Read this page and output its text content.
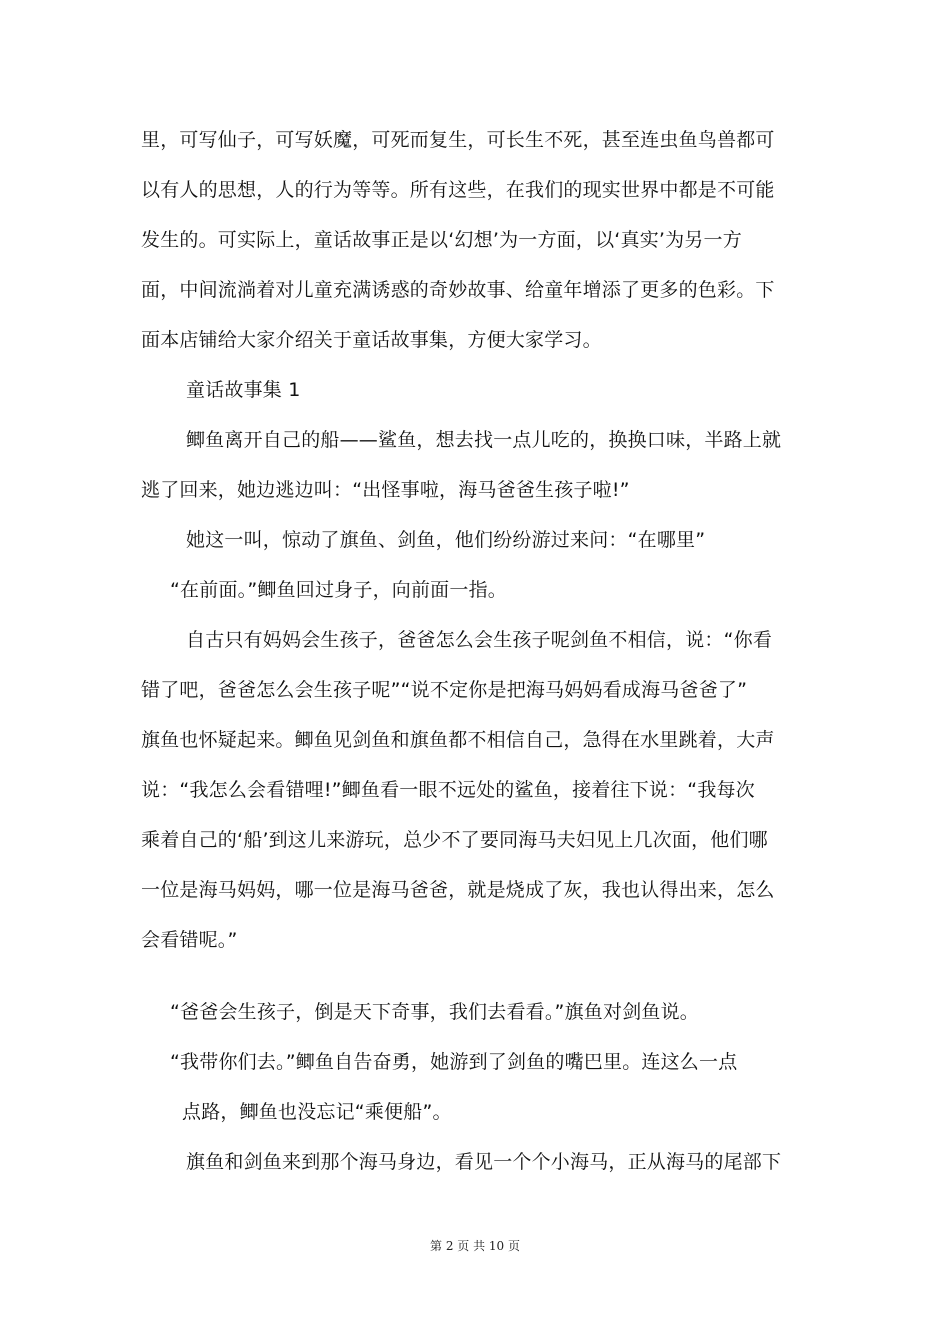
里，可写仙子，可写妖魔，可死而复生，可长生不死，甚至连虫鱼鸟兽都可
以有人的思想，人的行为等等。所有这些，在我们的现实世界中都是不可能
发生的。可实际上，童话故事正是以‘幻想’为一方面，以‘真实’为另一方
面，中间流淌着对儿童充满诱惑的奇妙故事、给童年增添了更多的色彩。下
面本店铺给大家介绍关于童话故事集，方便大家学习。
童话故事集 1
鲫鱼离开自己的船——鲨鱼，想去找一点儿吃的，换换口味，半路上就
逃了回来，她边逃边叫：“出怪事啦，海马爸爸生孩子啦!”
她这一叫，惊动了旗鱼、剑鱼，他们纷纷游过来问：“在哪里”
“在前面。”鲫鱼回过身子，向前面一指。
自古只有妈妈会生孩子，爸爸怎么会生孩子呢剑鱼不相信，说：“你看
错了吧，爸爸怎么会生孩子呢”“说不定你是把海马妈妈看成海马爸爸了”
旗鱼也怀疑起来。鲫鱼见剑鱼和旗鱼都不相信自己，急得在水里跳着，大声
说：“我怎么会看错哩!”鲫鱼看一眼不远处的鲨鱼，接着往下说：“我每次
乘着自己的‘船’到这儿来游玩，总少不了要同海马夫妇见上几次面，他们哪
一位是海马妈妈，哪一位是海马爸爸，就是烧成了灰，我也认得出来，怎么
会看错呢。”
“爸爸会生孩子，倒是天下奇事，我们去看看。”旗鱼对剑鱼说。
“我带你们去。”鲫鱼自告奋勇，她游到了剑鱼的嘴巴里。连这么一点
点路，鲫鱼也没忘记“乘便船”。
旗鱼和剑鱼来到那个海马身边，看见一个个小海马，正从海马的尾部下
第 2 页 共 10 页
